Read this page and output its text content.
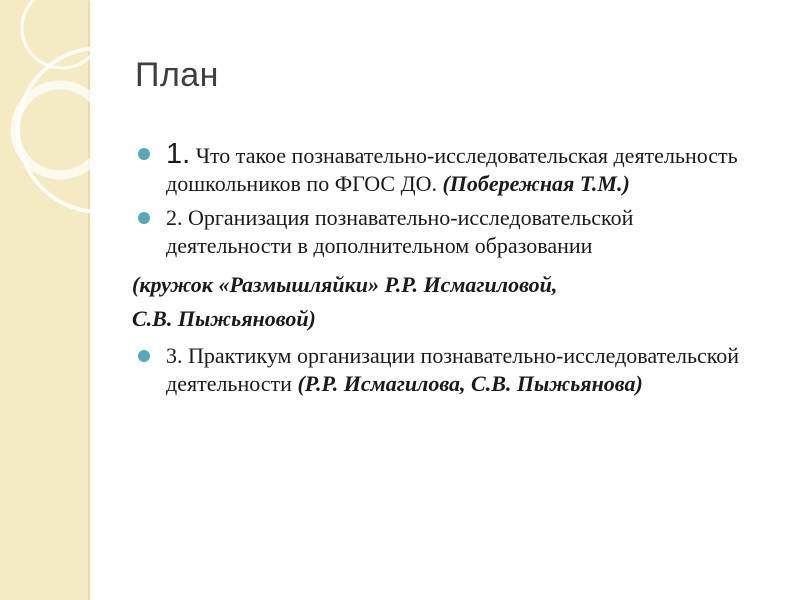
План
1. Что такое познавательно-исследовательская деятельность дошкольников по ФГОС ДО. (Побережная Т.М.)
2. Организация познавательно-исследовательской деятельности в дополнительном образовании
(кружок «Размышляйки» Р.Р. Исмагиловой,
С.В. Пыжьяновой)
3. Практикум организации познавательно-исследовательской деятельности (Р.Р. Исмагилова, С.В. Пыжьянова)
